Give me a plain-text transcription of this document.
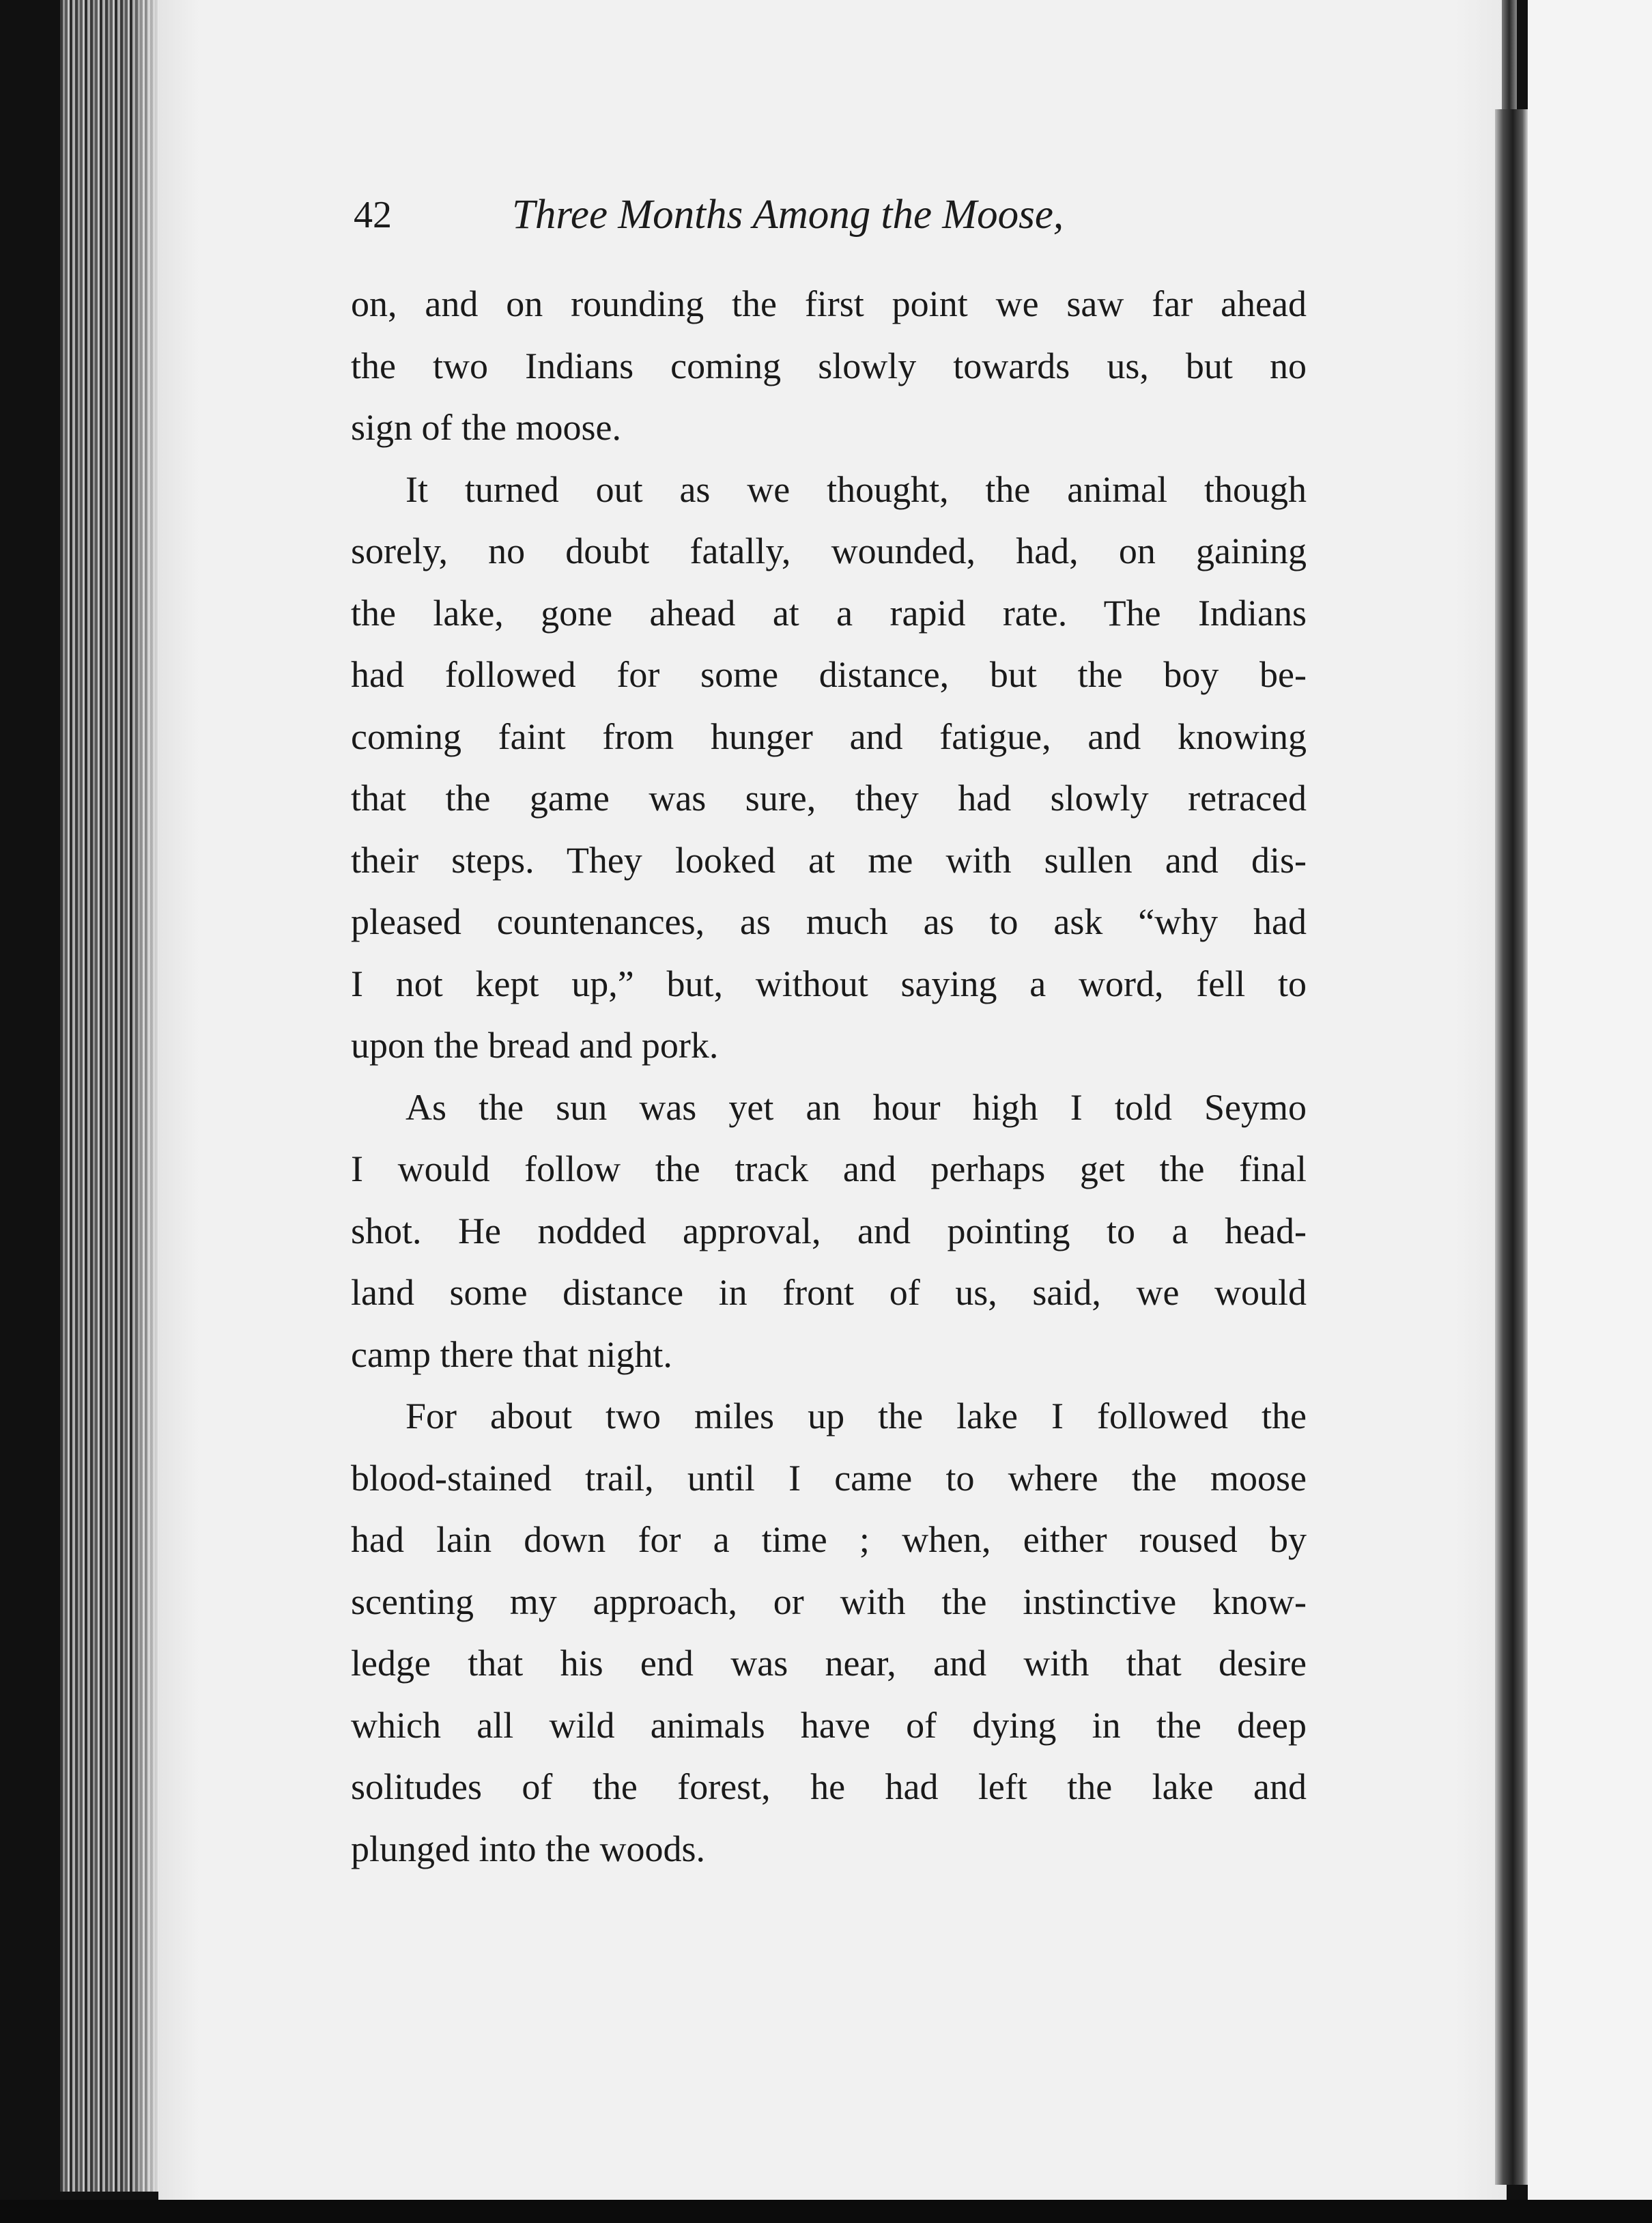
42	Three Months Among the Moose,
on, and on rounding the first point we saw far ahead
the two Indians coming slowly towards us, but no
sign of the moose.
It turned out as we thought, the animal though
sorely, no doubt fatally, wounded, had, on gaining
the lake, gone ahead at a rapid rate. The Indians
had followed for some distance, but the boy be-
coming faint from hunger and fatigue, and knowing
that the game was sure, they had slowly retraced
their steps. They looked at me with sullen and dis-
pleased countenances, as much as to ask “why had
I not kept up,” but, without saying a word, fell to
upon the bread and pork.
As the sun was yet an hour high I told Seymo
I would follow the track and perhaps get the final
shot. He nodded approval, and pointing to a head-
land some distance in front of us, said, we would
camp there that night.
For about two miles up the lake I followed the
blood-stained trail, until I came to where the moose
had lain down for a time ; when, either roused by
scenting my approach, or with the instinctive know-
ledge that his end was near, and with that desire
which all wild animals have of dying in the deep
solitudes of the forest, he had left the lake and
plunged into the woods.
